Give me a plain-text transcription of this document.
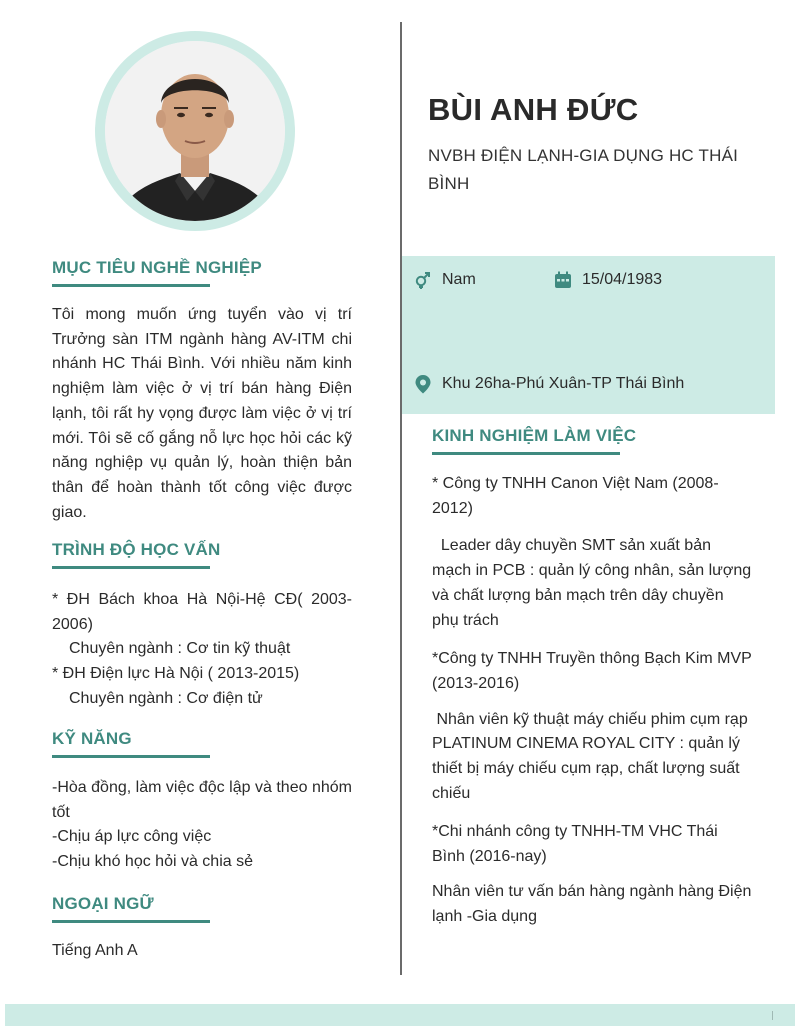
BÙI ANH ĐỨC
NVBH ĐIỆN LẠNH-GIA DỤNG HC THÁI BÌNH
Nam	15/04/1983
Khu 26ha-Phú Xuân-TP Thái Bình
MỤC TIÊU NGHỀ NGHIỆP
Tôi mong muốn ứng tuyển vào vị trí Trưởng sàn ITM ngành hàng AV-ITM chi nhánh HC Thái Bình. Với nhiều năm kinh nghiệm làm việc ở vị trí bán hàng Điện lạnh, tôi rất hy vọng được làm việc ở vị trí mới. Tôi sẽ cố gắng nỗ lực học hỏi các kỹ năng nghiệp vụ quản lý, hoàn thiện bản thân để hoàn thành tốt công việc được giao.
TRÌNH ĐỘ HỌC VẤN
* ĐH Bách khoa Hà Nội-Hệ CĐ( 2003-2006)
Chuyên ngành : Cơ tin kỹ thuật
* ĐH Điện lực Hà Nội ( 2013-2015)
Chuyên ngành : Cơ điện tử
KỸ NĂNG
-Hòa đồng, làm việc độc lập và theo nhóm tốt
-Chịu áp lực công việc
-Chịu khó học hỏi và chia sẻ
NGOẠI NGỮ
Tiếng Anh A
KINH NGHIỆM LÀM VIỆC
* Công ty TNHH Canon Việt Nam (2008-2012)
Leader dây chuyền SMT sản xuất bản mạch in PCB : quản lý công nhân, sản lượng và chất lượng bản mạch trên dây chuyền phụ trách
*Công ty TNHH Truyền thông Bạch Kim MVP (2013-2016)
Nhân viên kỹ thuật máy chiếu phim cụm rạp PLATINUM CINEMA ROYAL CITY : quản lý thiết bị máy chiếu cụm rạp, chất lượng suất chiếu
*Chi nhánh công ty TNHH-TM VHC Thái Bình (2016-nay)
Nhân viên tư vấn bán hàng ngành hàng Điện lạnh -Gia dụng
